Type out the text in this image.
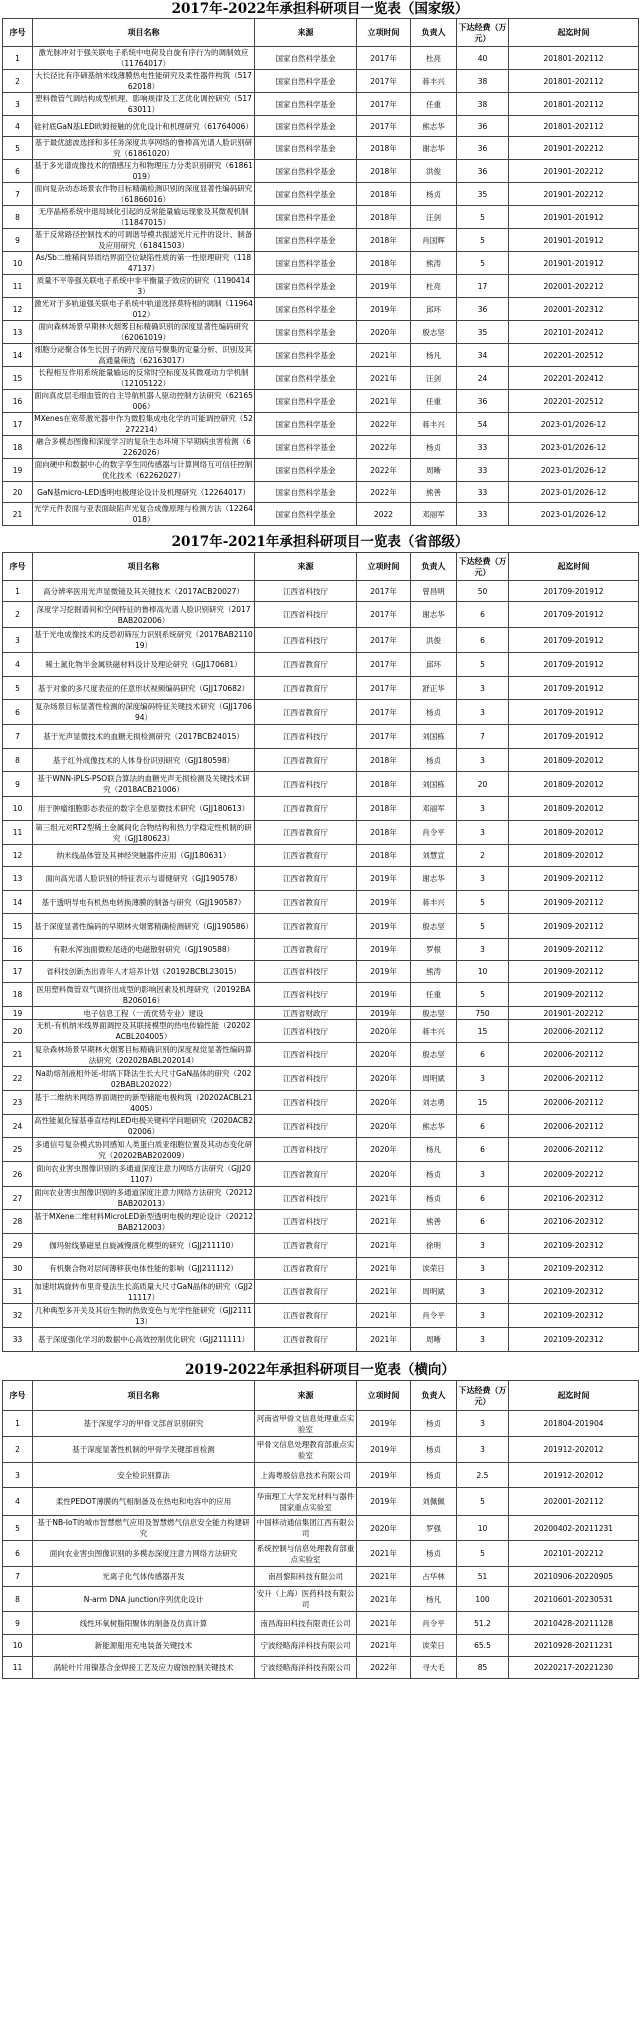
2017年-2022年承担科研项目一览表（国家级）
序号	项目名称	来源	立项时间	负责人	下达经费（万元）	起迄时间
1	激光脉冲对于强关联电子系统中电荷及自旋有序行为的调制效应（11764017）	国家自然科学基金	2017年	杜亮	40	201801-202112
2	大长径比有序碲基纳米线薄膜热电性能研究及柔性器件构筑（51762018）	国家自然科学基金	2017年	蒋丰兴	38	201801-202112
3	塑料微管气调结构成型机理、影响规律及工艺优化调控研究（51763011）	国家自然科学基金	2017年	任重	38	201801-202112
4	硅衬底GaN基LED欧姆接触的优化设计和机理研究（61764006）	国家自然科学基金	2017年	熊志华	36	201801-202112
5	基于最优滤波选择和多任务深度共享网络的鲁棒高光谱人脸识别研究（61861020）	国家自然科学基金	2018年	谢志华	36	201901-202212
6	基于多光谱成像技术的情感压力和物理压力分类识别研究（61861019）	国家自然科学基金	2018年	洪俊	36	201901-202212
7	面向复杂动态场景农作物目标精确检测识别的深度显著性编码研究（61866016）	国家自然科学基金	2018年	杨贞	35	201901-202212
8	无序晶格系统中退局域化引起的反常能量输运现象及其微观机制（11847015）	国家自然科学基金	2018年	汪剑	5	201901-201912
9	基于反常路径控制技术的可调谐导模共振滤光片元件的设计、制备及应用研究（61841503）	国家自然科学基金	2018年	肖国辉	5	201901-201912
10	As/Sb二维稀间异质结界面空位缺陷性质的第一性原理研究（11847137）	国家自然科学基金	2018年	熊涛	5	201901-201912
11	质量不平等强关联电子系统中非平衡量子效应的研究（11904143）	国家自然科学基金	2019年	杜亮	17	202001-202212
12	激光对于多轨道强关联电子系统中轨道选择莫特相的调制（11964012）	国家自然科学基金	2019年	邱环	36	202001-202312
13	面向森林场景早期林火烟雾目标精确识别的深度显著性编码研究（62061019）	国家自然科学基金	2020年	殷志坚	35	202101-202412
14	细胞分泌聚合体生长因子的跨尺度信号聚集的定量分析、识别及其高通量筛选（62163017）	国家自然科学基金	2021年	杨凡	34	202201-202512
15	长程相互作用系统能量输运的反常时空标度及其微观动力学机制（12105122）	国家自然科学基金	2021年	汪剑	24	202201-202412
16	面向真皮层毛细血管的自主导航机器人驱动控制方法研究（62165006）	国家自然科学基金	2021年	任重	36	202201-202512
17	MXenes在宽带激光器中作为微腔集成电化学的可能调控研究（52272214）	国家自然科学基金	2022年	蒋丰兴	54	2023-01/2026-12
18	融合多模态图像和深度学习的复杂生态环境下早期病虫害检测（62262026）	国家自然科学基金	2022年	杨贞	33	2023-01/2026-12
19	面向硬中和数据中心的数字孪生同传感器与计算网络互可信任控制优化技术（62262027）	国家自然科学基金	2022年	周晰	33	2023-01/2026-12
20	GaN基micro-LED透明电极理论设计及机理研究（12264017）	国家自然科学基金	2022年	熊善	33	2023-01/2026-12
21	光学元件表面与亚表面缺陷声光复合成像原理与检测方法（12264018）	国家自然科学基金	2022	邓丽军	33	2023-01/2026-12
2017年-2021年承担科研项目一览表（省部级）
序号	项目名称	来源	立项时间	负责人	下达经费（万元）	起迄时间
1	高分辨率医用光声显微镜及其关键技术（2017ACB20027）	江西省科技厅	2017年	曾昌明	50	201709-201912
2	深度学习挖掘谱间和空间特征的鲁棒高光谱人脸识别研究（2017BAB202006）	江西省科技厅	2017年	谢志华	6	201709-201912
3	基于光电成像技术的反恐初筛压力识别系统研究（2017BAB211019）	江西省科技厅	2017年	洪俊	6	201709-201912
4	稀土氮化物半金属铁磁材料设计及理论研究（GJJ170681）	江西省教育厅	2017年	邱环	5	201709-201912
5	基于对象的多尺度表征的任意形状视频编码研究（GJJ170682）	江西省教育厅	2017年	舒正华	3	201709-201912
6	复杂场景目标显著性检测的深度编码特征关键技术研究（GJJ170694）	江西省教育厅	2017年	杨贞	3	201709-201912
7	基于光声显微技术的血糖无损检测研究（2017BCB24015）	江西省科技厅	2017年	刘国栋	7	201709-201912
8	基于红外成像技术的人体身份识别研究（GJJ180598）	江西省教育厅	2018年	杨贞	3	201809-202012
9	基于WNN-iPLS-PSO联合算法的血糖光声无损检测及关键技术研究（2018ACB21006）	江西省科技厅	2018年	刘国栋	20	201809-202012
10	用于肿瘤细胞影态表征的数字全息显微技术研究（GJJ180613）	江西省教育厅	2018年	邓丽军	3	201809-202012
11	第三组元对RT2型稀土金属间化合物结构和热力学稳定性机制的研究（GJJ180623）	江西省教育厅	2018年	肖令平	3	201809-202012
12	纳米线晶体管及其神经突触器件应用（GJJ180631）	江西省教育厅	2018年	刘慧宣	2	201809-202012
13	面向高光谱人脸识别的特征表示与谱健研究（GJJ190578）	江西省教育厅	2019年	谢志华	3	201909-202112
14	基于透明导电有机热电转换薄膜的制备与研究（GJJ190587）	江西省教育厅	2019年	蒋丰兴	5	201909-202112
15	基于深度显著性编码的早期林火烟雾精确检测研究（GJJ190586）	江西省教育厅	2019年	殷志坚	5	201909-202112
16	有限水浑浊面微粒尾迹的电磁散射研究（GJJ190588）	江西省教育厅	2019年	罗根	3	201909-202112
17	省科技创新杰出青年人才培养计划（20192BCBL23015）	江西省科技厅	2019年	熊涛	10	201909-202112
18	医用塑料微管双气调挤出成型的影响因素及机理研究（20192BAB206016）	江西省科技厅	2019年	任重	5	201909-202112
19	电子信息工程（一流优势专业）建设	江西省财政厅	2019年	殷志坚	750	201901-202212
20	无机-有机纳米线界面调控及其联接模型的热电传输性能（20202ACBL204005）	江西省科技厅	2020年	蒋丰兴	15	202006-202112
21	复杂森林场景早期林火烟雾目标精确识别的深度视觉显著性编码算法研究（20202BABL202014）	江西省科技厅	2020年	殷志坚	6	202006-202112
22	Na助熔剂液相外延-坩埚下降法生长大尺寸GaN晶体的研究（20202BABL202022）	江西省科技厅	2020年	周明斌	3	202006-202112
23	基于二维纳米网络界面调控的新型储能电极构筑（20202ACBL214005）	江西省科技厅	2020年	刘志勇	15	202006-202112
24	高性能氮化镓基垂直结构LED电极关键科学问题研究（2020ACB202006）	江西省科技厅	2020年	熊志华	6	202006-202112
25	多通信号复杂模式协同感知人类蛋白质亚细胞位置及其动态变化研究（20202BAB202009）	江西省科技厅	2020年	杨凡	6	202006-202112
26	面向农业害虫图像识别的多通道深度注意力网络方法研究（GJJ201107）	江西省教育厅	2020年	杨贞	3	202009-202212
27	面向农业害虫图像识别的多通道深度注意力网络方法研究（20212BAB202013）	江西省科技厅	2021年	杨贞	6	202106-202312
28	基于MXene二维材料MicroLED新型透明电极的理论设计（20212BAB212003）	江西省科技厅	2021年	熊善	6	202106-202312
29	伽玛射线暴磁星自旋减慢演化模型的研究（GJJ211110）	江西省教育厅	2021年	徐明	3	202109-202312
30	有机聚合物对层间薄移获电体性能的影响（GJJ211112）	江西省教育厅	2021年	诶荣日	3	202109-202312
31	加速坩埚旋转布里奇曼法生长高质量大尺寸GaN晶体的研究（GJJ211117）	江西省教育厅	2021年	周明斌	3	202109-202312
32	几种典型多开关及其衍生物的热致变色与光学性能研究（GJJ211113）	江西省教育厅	2021年	肖令平	3	202109-202312
33	基于深度强化学习的数据中心高效控制优化研究（GJJ211111）	江西省教育厅	2021年	周晰	3	202109-202312
2019-2022年承担科研项目一览表（横向）
序号	项目名称	来源	立项时间	负责人	下达经费（万元）	起迄时间
1	基于深度学习的甲骨文部首识别研究	河南省甲骨文信息处理重点实验室	2019年	杨贞	3	201804-201904
2	基于深度显著性机制的甲骨学关键部首检测	甲骨文信息处理教育部重点实验室	2019年	杨贞	3	201912-202012
3	安全检识别算法	上海粤殷信息技术有限公司	2019年	杨贞	2.5	201912-202012
4	柔性PEDOT薄膜的气相制备及在热电和电容中的应用	华南理工大学发光材料与器件国家重点实验室	2019年	刘佩佩	5	202001-202112
5	基于NB-IoT的城市智慧燃气应用及智慧燃气信息安全能力构建研究	中国移动通信集团江西有限公司	2020年	罗强	10	20200402-20211231
6	面向农业害虫图像识别的多模态深度注意力网络方法研究	系统控制与信息处理教育部重点实验室	2021年	杨贞	5	202101-202212
7	光离子化气体传感器开发	南昌黎阳科技有限公司	2021年	占华林	51	20210906-20220905
8	N-arm DNA junction序列优化设计	安升（上海）医药科技有限公司	2021年	杨凡	100	20210601-20230531
9	线性环氧树脂阳聚体的制备及仿真计算	南昌海田科技有限责任公司	2021年	肖令平	51.2	20210428-20211128
10	新能源船用充电装备关键技术	宁波经略海洋科技有限公司	2021年	诶荣日	65.5	20210928-20211231
11	涡轮叶片用镍基合金焊接工艺及应力腐蚀控制关键技术	宁波经略海洋科技有限公司	2022年	寻大毛	85	20220217-20221230
